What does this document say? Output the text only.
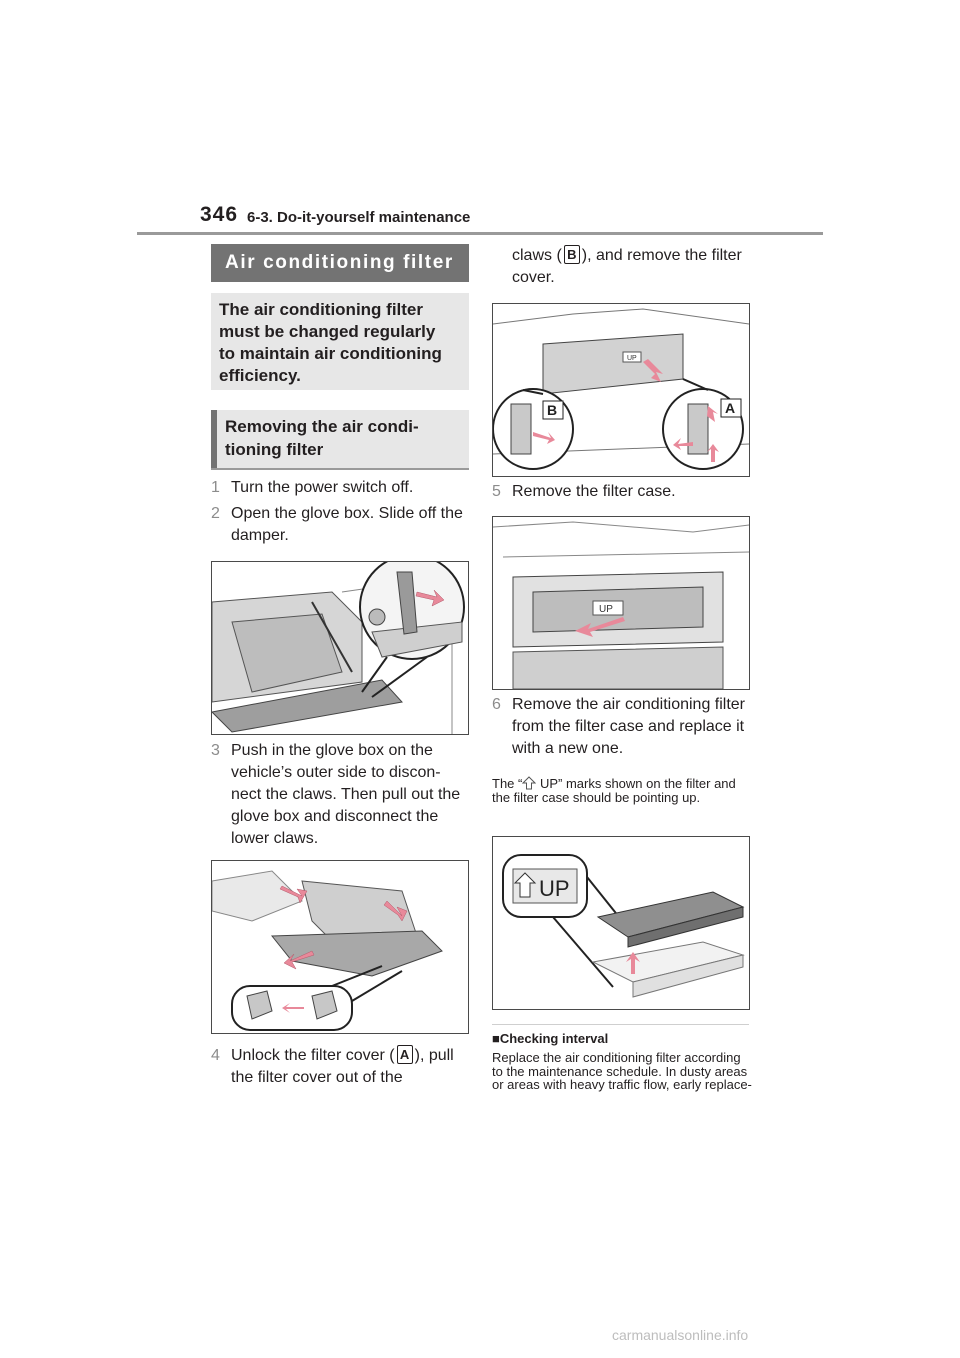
346 6-3. Do-it-yourself maintenance
Air conditioning filter
The air conditioning filter must be changed regularly to maintain air conditioning efficiency.
Removing the air condi-tioning filter
1 Turn the power switch off.
2 Open the glove box. Slide off the damper.
3 Push in the glove box on the vehicle’s outer side to discon-nect the claws. Then pull out the glove box and disconnect the lower claws.
4 Unlock the filter cover ( A ), pull the filter cover out of the
claws ( B ), and remove the filter cover.
UP
B	A
5 Remove the filter case.
UP
6 Remove the air conditioning filter from the filter case and replace it with a new one.
The “ UP” marks shown on the filter and the filter case should be pointing up.
UP
■Checking interval
Replace the air conditioning filter according to the maintenance schedule. In dusty areas or areas with heavy traffic flow, early replace-
carmanualsonline.info
